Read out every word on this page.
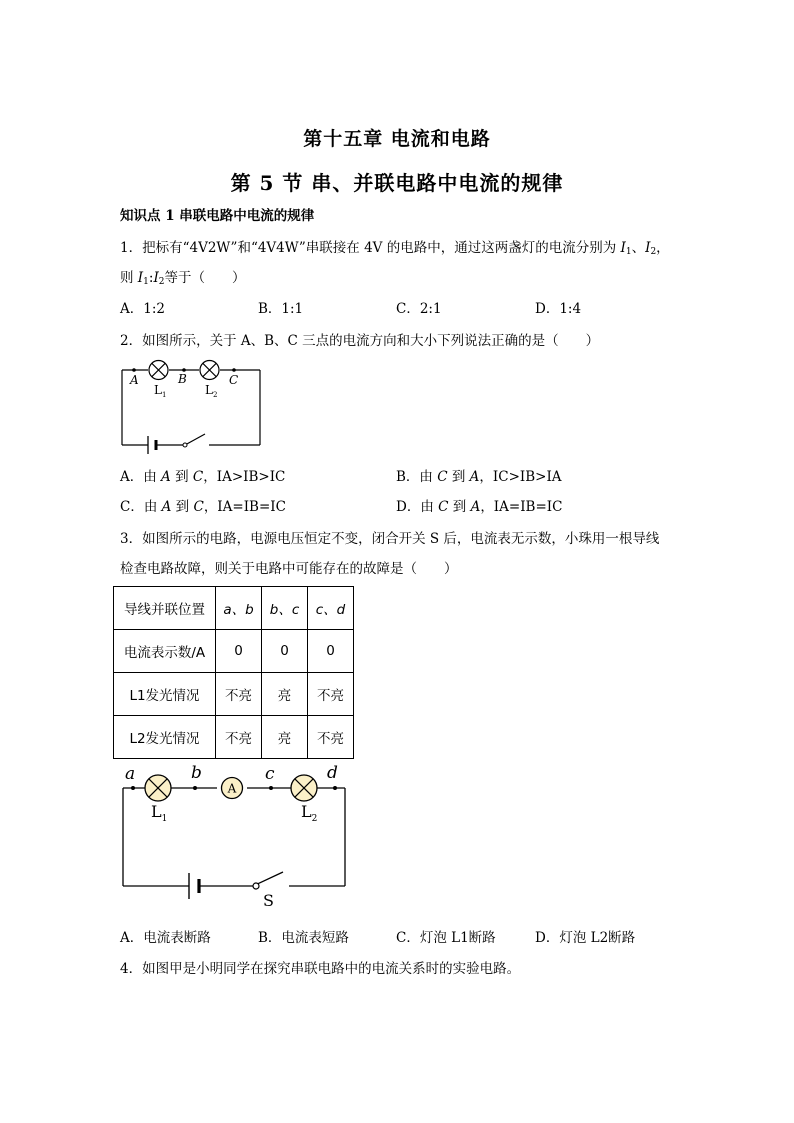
第十五章 电流和电路
第 5 节 串、并联电路中电流的规律
知识点 1 串联电路中电流的规律
1．把标有“4V2W”和“4V4W”串联接在 4V 的电路中，通过这两盏灯的电流分别为 $I_1$、$I_2$，
则 $I_1:I_2$等于（　　）
A．1:2	B．1:1	C．2:1	D．1:4
2．如图所示，关于 A、B、C 三点的电流方向和大小下列说法正确的是（　　）
A	B	C
$L_1$	$L_2$
A．由 A 到 C，IA>IB>IC	B．由 C 到 A，IC>IB>IA
C．由 A 到 C，IA=IB=IC	D．由 C 到 A，IA=IB=IC
3．如图所示的电路，电源电压恒定不变，闭合开关 S 后，电流表无示数，小珠用一根导线
检查电路故障，则关于电路中可能存在的故障是（　　）
导线并联位置	a、b	b、c	c、d
电流表示数/A	0	0	0
L1发光情况	不亮	亮	不亮
L2发光情况	不亮	亮	不亮
A
a	b	c	d
$L_1$	$L_2$
S
A．电流表断路	B．电流表短路	C．灯泡 L1断路	D．灯泡 L2断路
4．如图甲是小明同学在探究串联电路中的电流关系时的实验电路。
